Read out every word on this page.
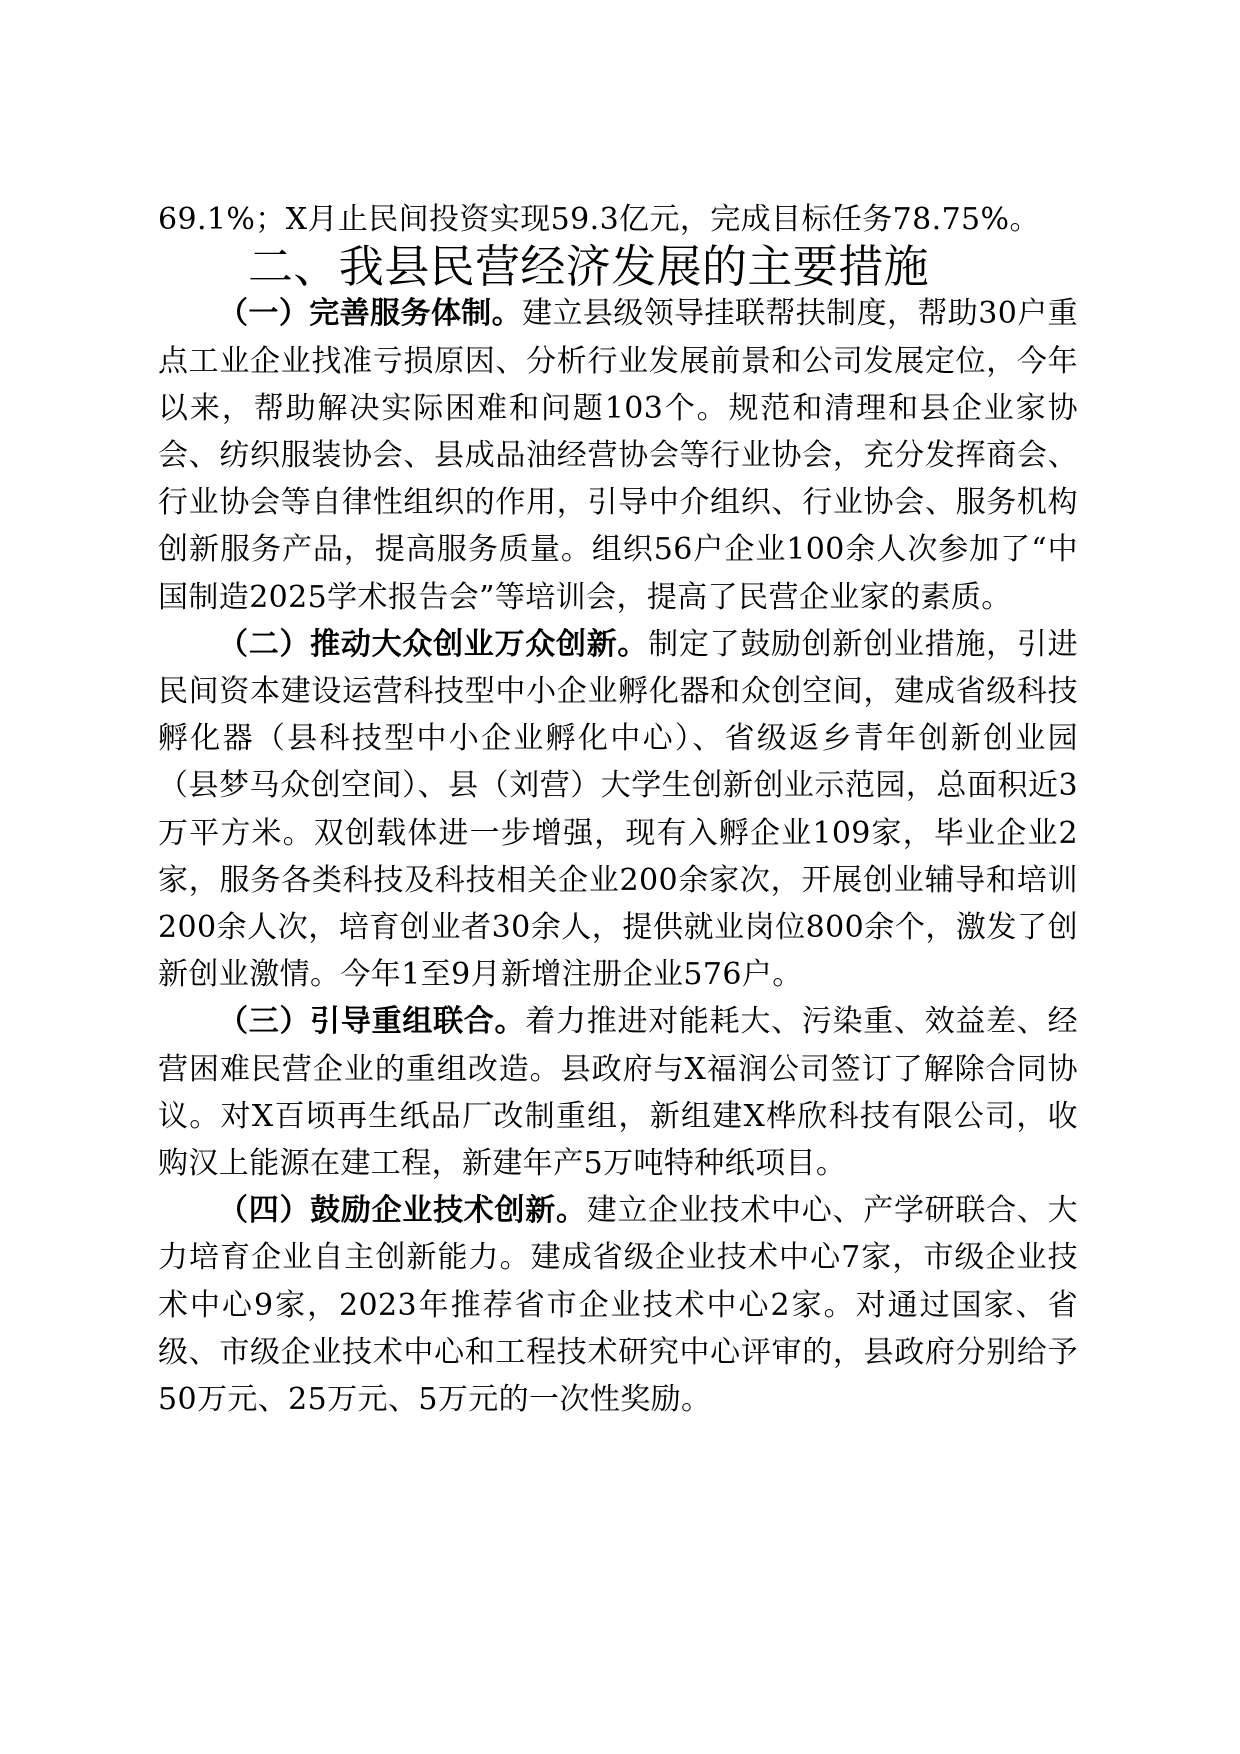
69.1%；X月止民间投资实现59.3亿元，完成目标任务78.75%。

二、我县民营经济发展的主要措施

（一）完善服务体制。建立县级领导挂联帮扶制度，帮助30户重点工业企业找准亏损原因、分析行业发展前景和公司发展定位，今年以来，帮助解决实际困难和问题103个。规范和清理和县企业家协会、纺织服装协会、县成品油经营协会等行业协会，充分发挥商会、行业协会等自律性组织的作用，引导中介组织、行业协会、服务机构创新服务产品，提高服务质量。组织56户企业100余人次参加了“中国制造2025学术报告会”等培训会，提高了民营企业家的素质。

（二）推动大众创业万众创新。制定了鼓励创新创业措施，引进民间资本建设运营科技型中小企业孵化器和众创空间，建成省级科技孵化器（县科技型中小企业孵化中心）、省级返乡青年创新创业园（县梦马众创空间）、县（刘营）大学生创新创业示范园，总面积近3万平方米。双创载体进一步增强，现有入孵企业109家，毕业企业2家，服务各类科技及科技相关企业200余家次，开展创业辅导和培训200余人次，培育创业者30余人，提供就业岗位800余个，激发了创新创业激情。今年1至9月新增注册企业576户。

（三）引导重组联合。着力推进对能耗大、污染重、效益差、经营困难民营企业的重组改造。县政府与X福润公司签订了解除合同协议。对X百顷再生纸品厂改制重组，新组建X桦欣科技有限公司，收购汉上能源在建工程，新建年产5万吨特种纸项目。

（四）鼓励企业技术创新。建立企业技术中心、产学研联合、大力培育企业自主创新能力。建成省级企业技术中心7家，市级企业技术中心9家，2023年推荐省市企业技术中心2家。对通过国家、省级、市级企业技术中心和工程技术研究中心评审的，县政府分别给予50万元、25万元、5万元的一次性奖励。
